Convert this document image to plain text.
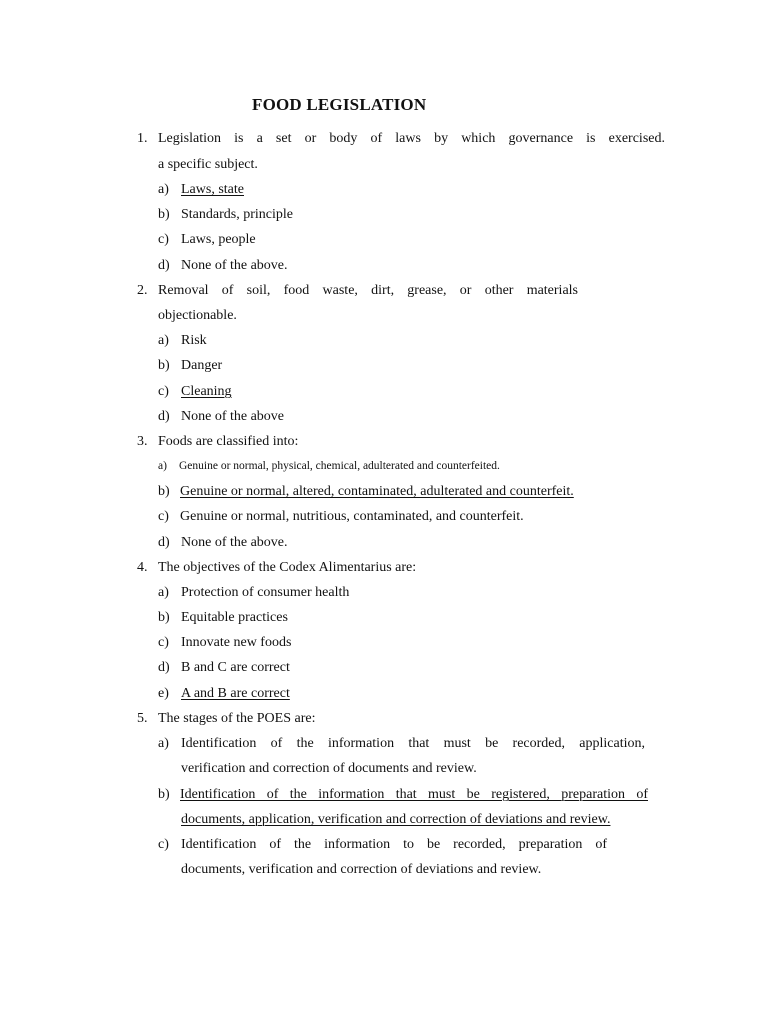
FOOD LEGISLATION
1. Legislation is a set or body of laws by which governance is exercised.
a specific subject.
a) Laws, state
b) Standards, principle
c) Laws, people
d) None of the above.
2. Removal of soil, food waste, dirt, grease, or other materials
objectionable.
a) Risk
b) Danger
c) Cleaning
d) None of the above
3. Foods are classified into:
a) Genuine or normal, physical, chemical, adulterated and counterfeited.
b) Genuine or normal, altered, contaminated, adulterated and counterfeit.
c) Genuine or normal, nutritious, contaminated, and counterfeit.
d) None of the above.
4. The objectives of the Codex Alimentarius are:
a) Protection of consumer health
b) Equitable practices
c) Innovate new foods
d) B and C are correct
e) A and B are correct
5. The stages of the POES are:
a) Identification of the information that must be recorded, application,
verification and correction of documents and review.
b) Identification of the information that must be registered, preparation of
documents, application, verification and correction of deviations and review.
c) Identification of the information to be recorded, preparation of
documents, verification and correction of deviations and review.
